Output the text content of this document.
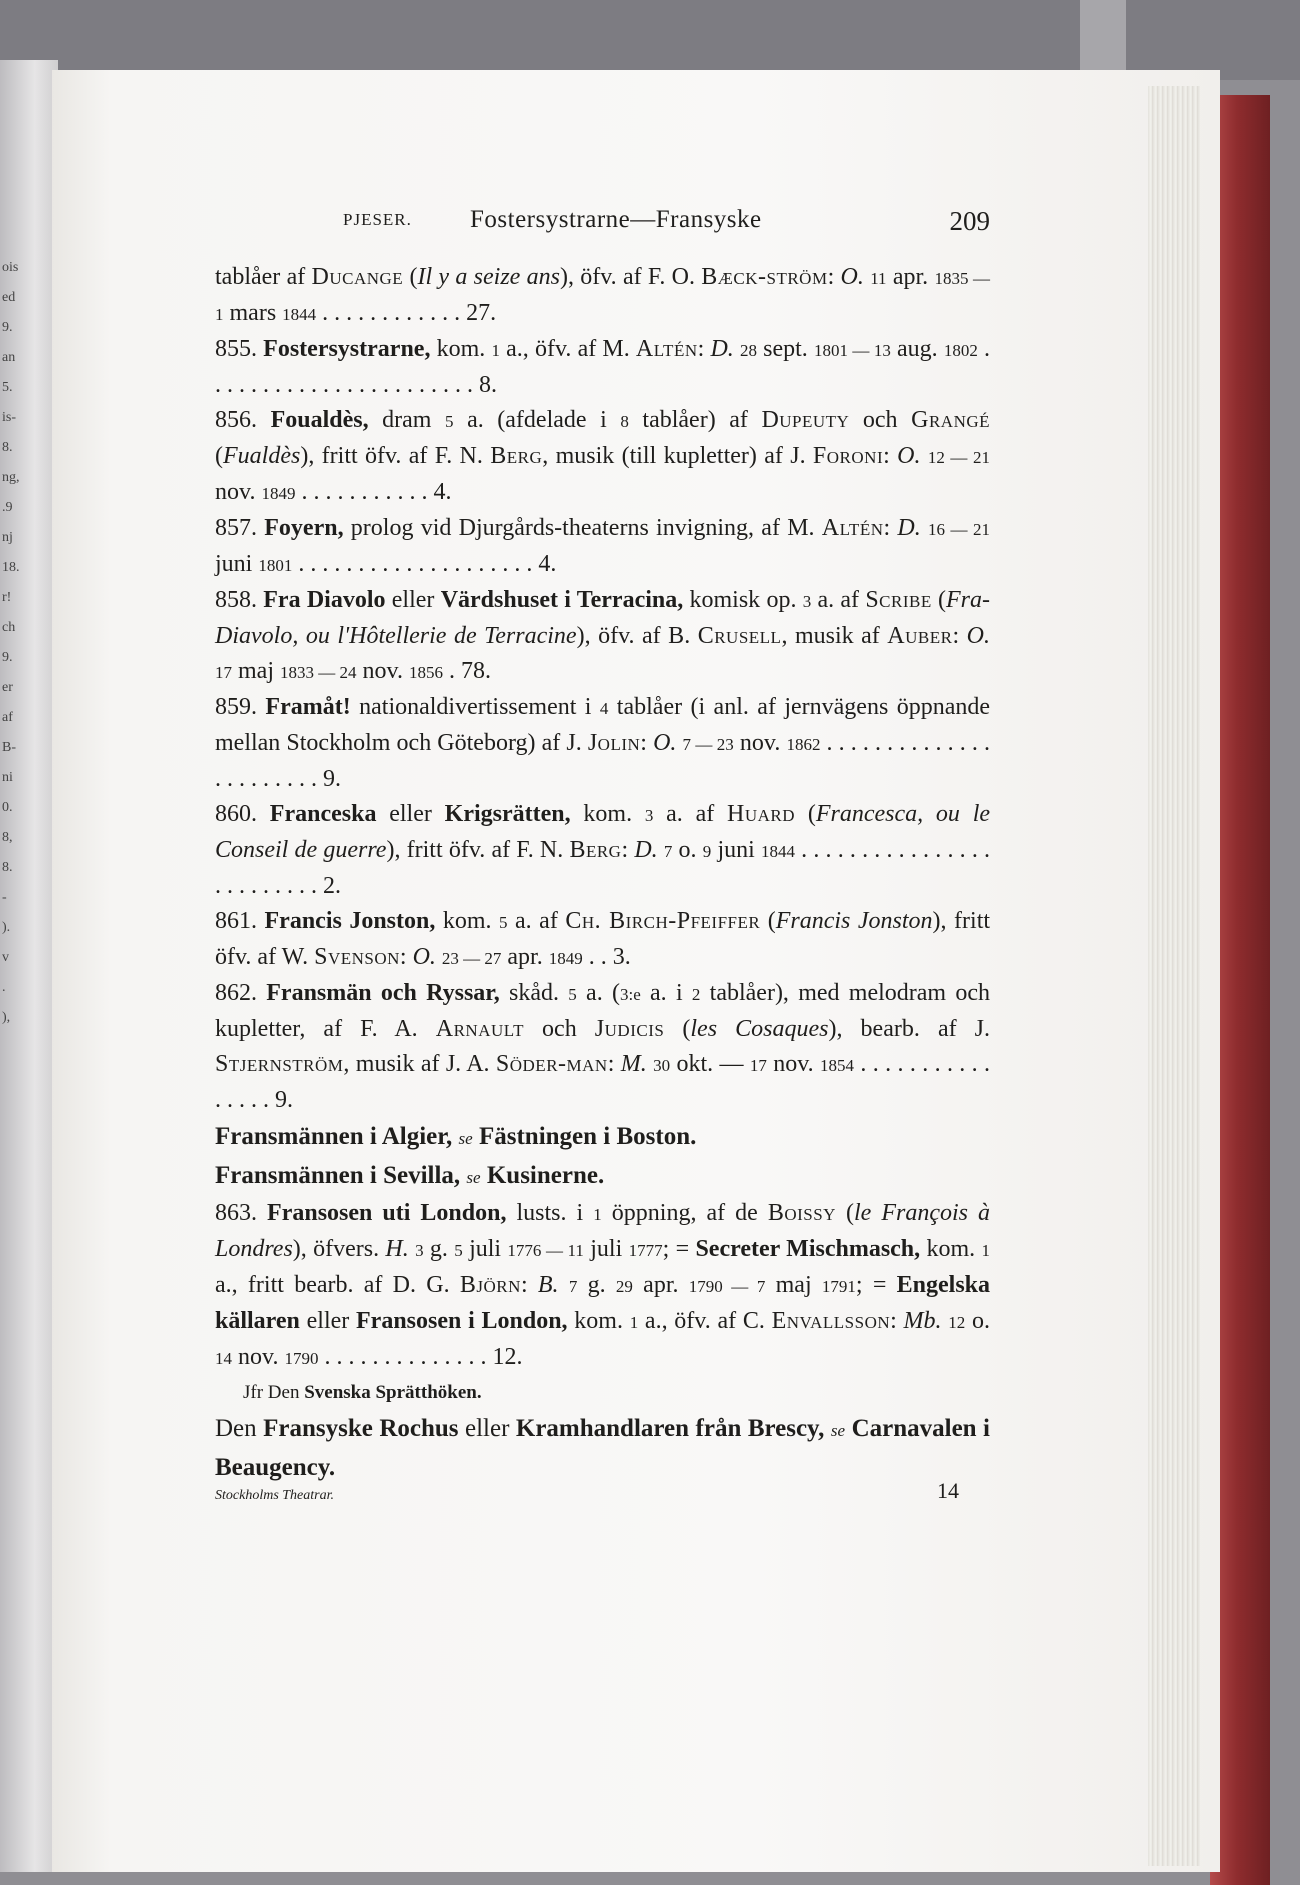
ois
ed
9.
an
5.
is-
8.
ng,
.9
nj
18.
r!
ch
9.
er
af
B-
ni
0.
8,
8.
-
).
v
.
),
PJESER. Fostersystrarne—Fransyske	209
tablåer af Ducange (Il y a seize ans), öfv. af F. O. Bæck-ström: O. 11 apr. 1835 — 1 mars 1844 . . . . . . . . . . . . 27.
855. Fostersystrarne, kom. 1 a., öfv. af M. Altén: D. 28 sept. 1801 — 13 aug. 1802 . . . . . . . . . . . . . . . . . . . . . . . 8.
856. Foualdès, dram 5 a. (afdelade i 8 tablåer) af Dupeuty och Grangé (Fualdès), fritt öfv. af F. N. Berg, musik (till kupletter) af J. Foroni: O. 12 — 21 nov. 1849 . . . . . . . . . . . 4.
857. Foyern, prolog vid Djurgårds-theaterns invigning, af M. Altén: D. 16 — 21 juni 1801 . . . . . . . . . . . . . . . . . . . . 4.
858. Fra Diavolo eller Värdshuset i Terracina, komisk op. 3 a. af Scribe (Fra-Diavolo, ou l'Hôtellerie de Terracine), öfv. af B. Crusell, musik af Auber: O. 17 maj 1833 — 24 nov. 1856 . 78.
859. Framåt! nationaldivertissement i 4 tablåer (i anl. af jernvägens öppnande mellan Stockholm och Göteborg) af J. Jolin: O. 7 — 23 nov. 1862 . . . . . . . . . . . . . . . . . . . . . . . 9.
860. Franceska eller Krigsrätten, kom. 3 a. af Huard (Francesca, ou le Conseil de guerre), fritt öfv. af F. N. Berg: D. 7 o. 9 juni 1844 . . . . . . . . . . . . . . . . . . . . . . . . . 2.
861. Francis Jonston, kom. 5 a. af Ch. Birch-Pfeiffer (Francis Jonston), fritt öfv. af W. Svenson: O. 23 — 27 apr. 1849 . . 3.
862. Fransmän och Ryssar, skåd. 5 a. (3:e a. i 2 tablåer), med melodram och kupletter, af F. A. Arnault och Judicis (les Cosaques), bearb. af J. Stjernström, musik af J. A. Söder-man: M. 30 okt. — 17 nov. 1854 . . . . . . . . . . . . . . . . 9.
Fransmännen i Algier, se Fästningen i Boston.
Fransmännen i Sevilla, se Kusinerne.
863. Fransosen uti London, lusts. i 1 öppning, af de Boissy (le François à Londres), öfvers. H. 3 g. 5 juli 1776 — 11 juli 1777; = Secreter Mischmasch, kom. 1 a., fritt bearb. af D. G. Björn: B. 7 g. 29 apr. 1790 — 7 maj 1791; = Engelska källaren eller Fransosen i London, kom. 1 a., öfv. af C. Envallsson: Mb. 12 o. 14 nov. 1790 . . . . . . . . . . . . . . 12.
Jfr Den Svenska Sprätthöken.
Den Fransyske Rochus eller Kramhandlaren från Brescy, se Carnavalen i Beaugency.
Stockholms Theatrar.	14
